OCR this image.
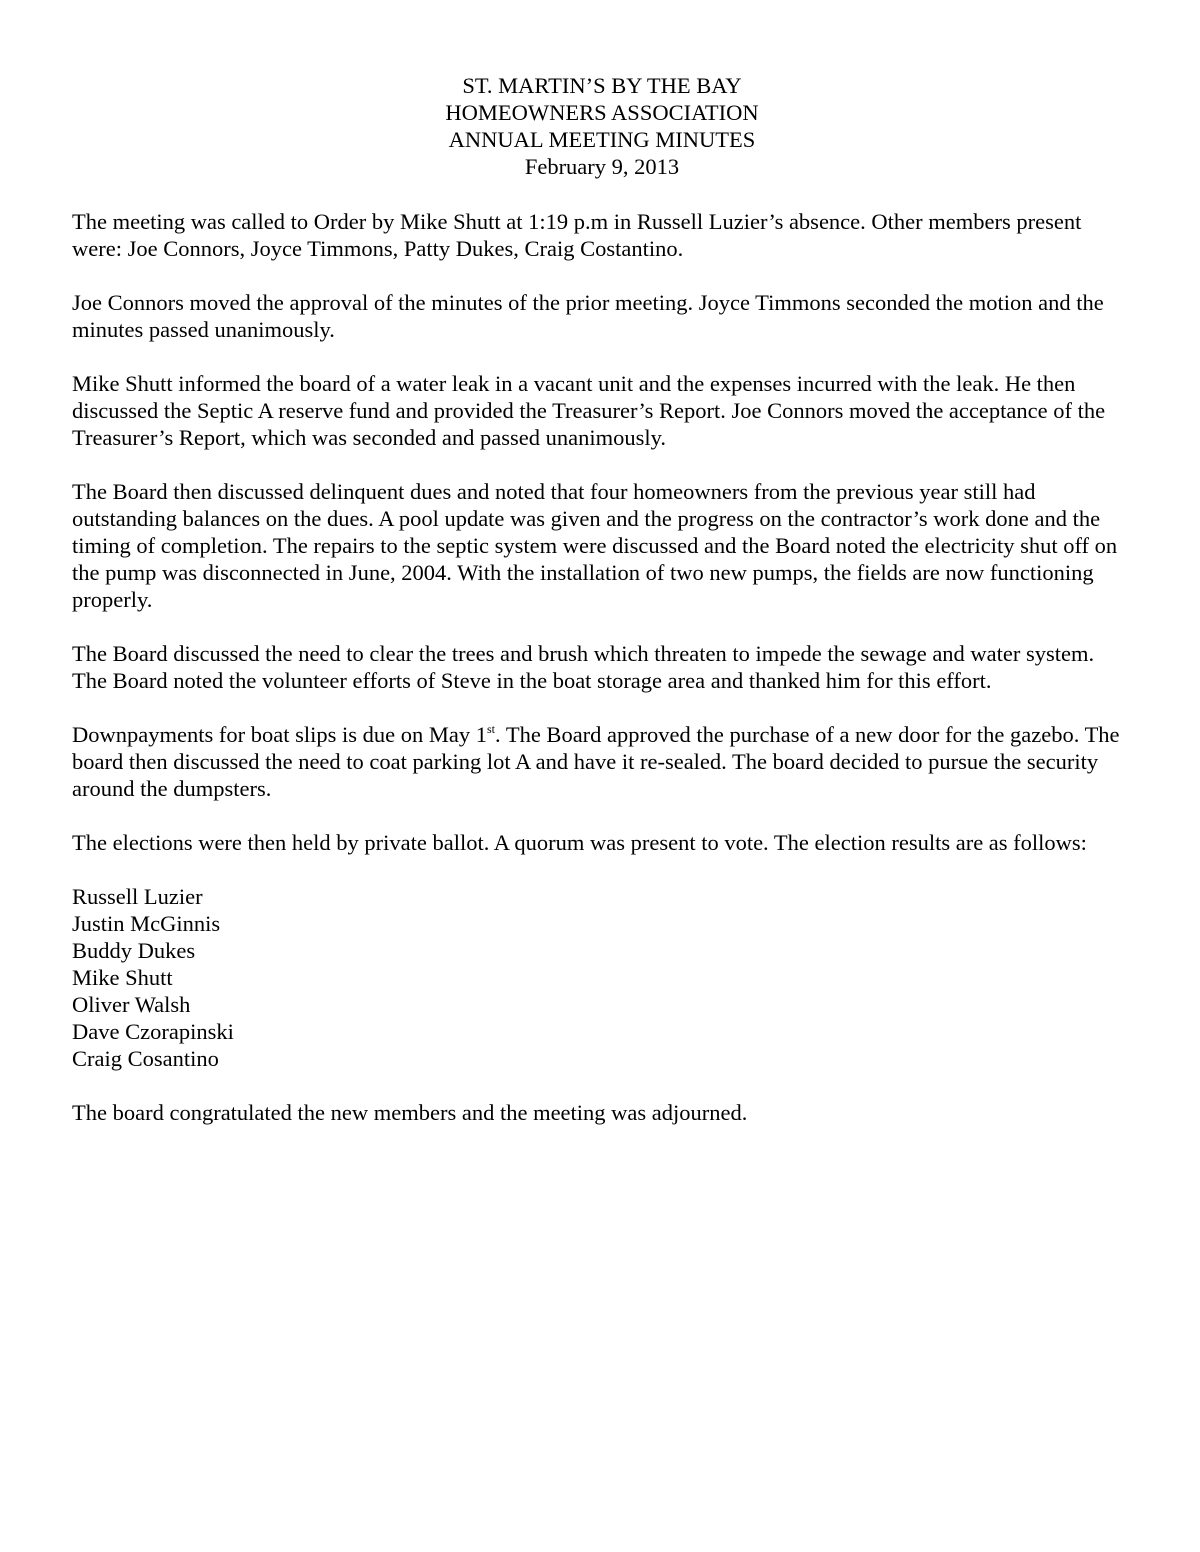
ST. MARTIN’S BY THE BAY
HOMEOWNERS ASSOCIATION
ANNUAL MEETING MINUTES
February 9, 2013

The meeting was called to Order by Mike Shutt at 1:19 p.m in Russell Luzier’s absence. Other members present were: Joe Connors, Joyce Timmons, Patty Dukes, Craig Costantino.

Joe Connors moved the approval of the minutes of the prior meeting. Joyce Timmons seconded the motion and the minutes passed unanimously.

Mike Shutt informed the board of a water leak in a vacant unit and the expenses incurred with the leak. He then discussed the Septic A reserve fund and provided the Treasurer’s Report. Joe Connors moved the acceptance of the Treasurer’s Report, which was seconded and passed unanimously.

The Board then discussed delinquent dues and noted that four homeowners from the previous year still had outstanding balances on the dues. A pool update was given and the progress on the contractor’s work done and the timing of completion. The repairs to the septic system were discussed and the Board noted the electricity shut off on the pump was disconnected in June, 2004. With the installation of two new pumps, the fields are now functioning properly.

The Board discussed the need to clear the trees and brush which threaten to impede the sewage and water system. The Board noted the volunteer efforts of Steve in the boat storage area and thanked him for this effort.

Downpayments for boat slips is due on May 1st. The Board approved the purchase of a new door for the gazebo. The board then discussed the need to coat parking lot A and have it re-sealed. The board decided to pursue the security around the dumpsters.

The elections were then held by private ballot. A quorum was present to vote. The election results are as follows:

Russell Luzier
Justin McGinnis
Buddy Dukes
Mike Shutt
Oliver Walsh
Dave Czorapinski
Craig Cosantino

The board congratulated the new members and the meeting was adjourned.
